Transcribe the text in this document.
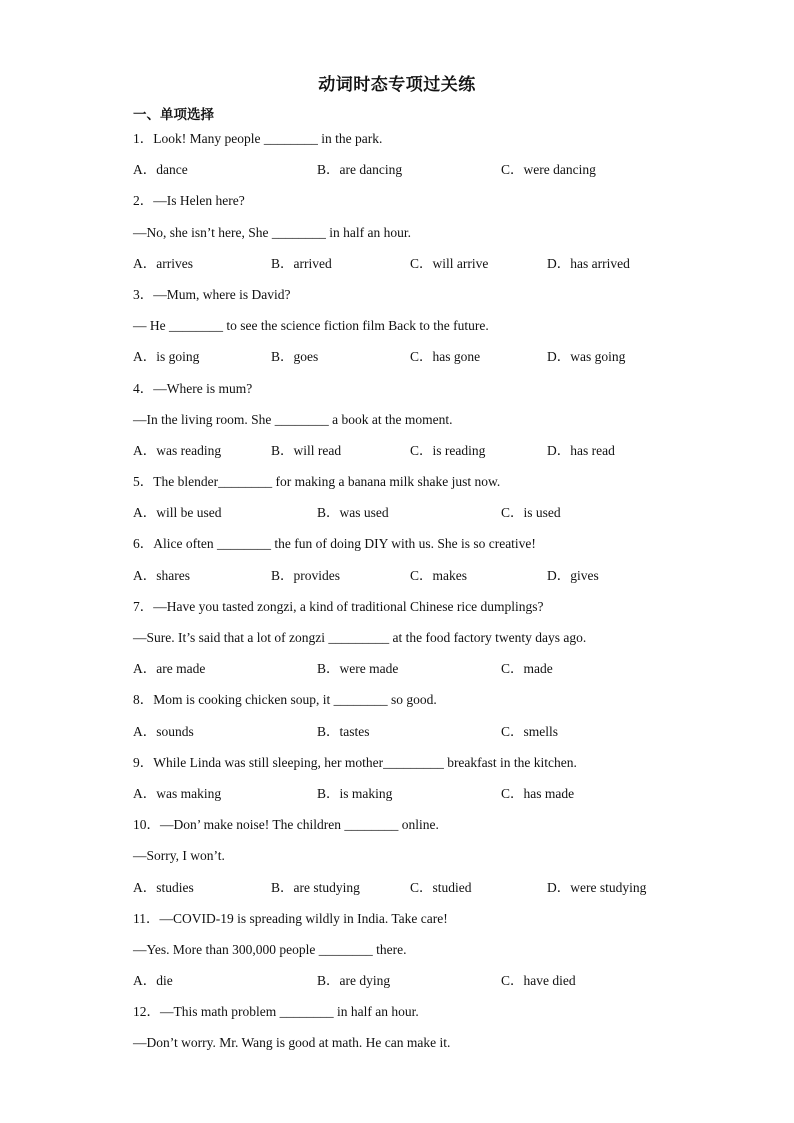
动词时态专项过关练
一、单项选择
1．Look! Many people ________ in the park.
A．dance	B．are dancing	C．were dancing
2．—Is Helen here?
—No, she isn’t here, She ________ in half an hour.
A．arrives	B．arrived	C．will arrive	D．has arrived
3．—Mum, where is David?
— He ________ to see the science fiction film Back to the future.
A．is going	B．goes	C．has gone	D．was going
4．—Where is mum?
—In the living room. She ________ a book at the moment.
A．was reading	B．will read	C．is reading	D．has read
5．The blender________ for making a banana milk shake just now.
A．will be used	B．was used	C．is used
6．Alice often ________ the fun of doing DIY with us. She is so creative!
A．shares	B．provides	C．makes	D．gives
7．—Have you tasted zongzi, a kind of traditional Chinese rice dumplings?
—Sure. It’s said that a lot of zongzi _________ at the food factory twenty days ago.
A．are made	B．were made	C．made
8．Mom is cooking chicken soup, it ________ so good.
A．sounds	B．tastes	C．smells
9．While Linda was still sleeping, her mother_________ breakfast in the kitchen.
A．was making	B．is making	C．has made
10．—Don’ make noise! The children ________ online.
—Sorry, I won’t.
A．studies	B．are studying	C．studied	D．were studying
11．—COVID-19 is spreading wildly in India. Take care!
—Yes. More than 300,000 people ________ there.
A．die	B．are dying	C．have died
12．—This math problem ________ in half an hour.
—Don’t worry. Mr. Wang is good at math. He can make it.
